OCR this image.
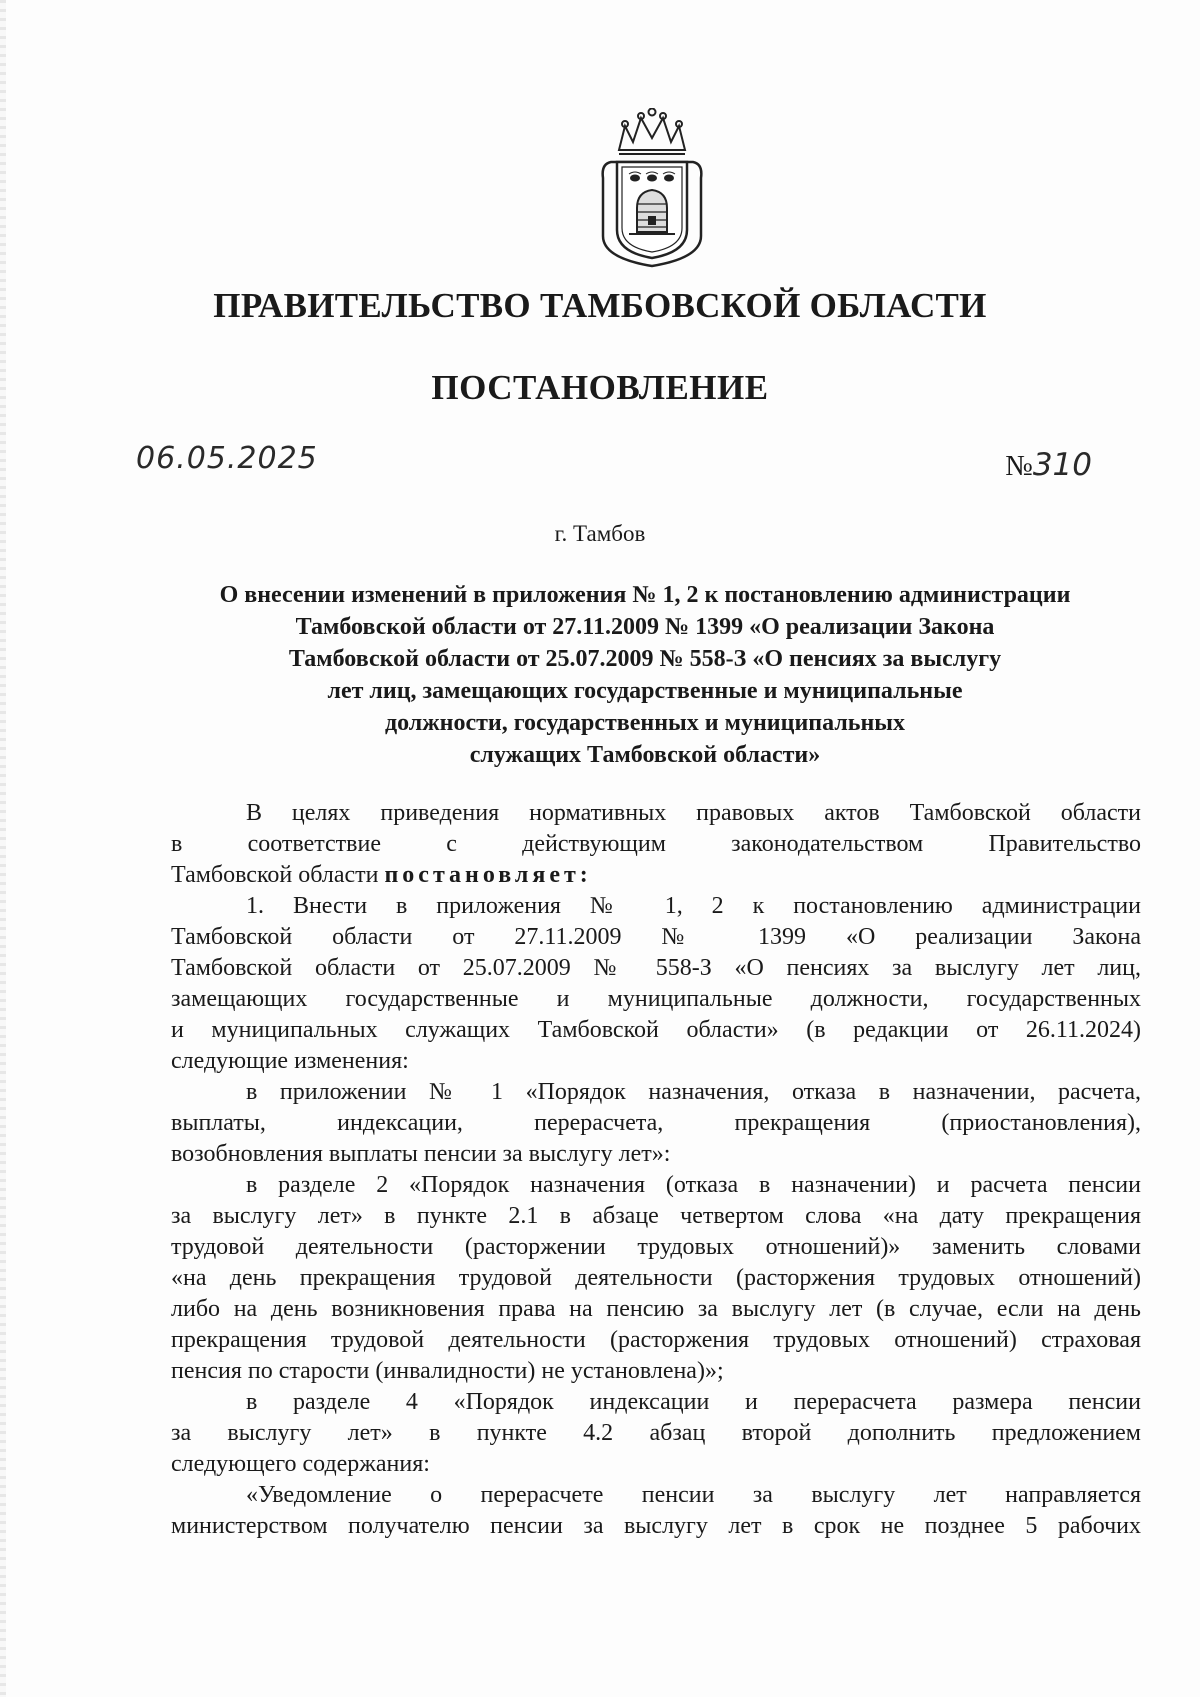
ПРАВИТЕЛЬСТВО ТАМБОВСКОЙ ОБЛАСТИ
ПОСТАНОВЛЕНИЕ
06.05.2025	№310
г. Тамбов
О внесении изменений в приложения № 1, 2 к постановлению администрации
Тамбовской области от 27.11.2009 № 1399 «О реализации Закона
Тамбовской области от 25.07.2009 № 558-З «О пенсиях за выслугу
лет лиц, замещающих государственные и муниципальные
должности, государственных и муниципальных
служащих Тамбовской области»
В целях приведения нормативных правовых актов Тамбовской области
в соответствие с действующим законодательством Правительство
Тамбовской области постановляет:
1. Внести в приложения № 1, 2 к постановлению администрации
Тамбовской области от 27.11.2009 № 1399 «О реализации Закона
Тамбовской области от 25.07.2009 № 558-З «О пенсиях за выслугу лет лиц,
замещающих государственные и муниципальные должности, государственных
и муниципальных служащих Тамбовской области» (в редакции от 26.11.2024)
следующие изменения:
в приложении № 1 «Порядок назначения, отказа в назначении, расчета,
выплаты, индексации, перерасчета, прекращения (приостановления),
возобновления выплаты пенсии за выслугу лет»:
в разделе 2 «Порядок назначения (отказа в назначении) и расчета пенсии
за выслугу лет» в пункте 2.1 в абзаце четвертом слова «на дату прекращения
трудовой деятельности (расторжении трудовых отношений)» заменить словами
«на день прекращения трудовой деятельности (расторжения трудовых отношений)
либо на день возникновения права на пенсию за выслугу лет (в случае, если на день
прекращения трудовой деятельности (расторжения трудовых отношений) страховая
пенсия по старости (инвалидности) не установлена)»;
в разделе 4 «Порядок индексации и перерасчета размера пенсии
за выслугу лет» в пункте 4.2 абзац второй дополнить предложением
следующего содержания:
«Уведомление о перерасчете пенсии за выслугу лет направляется
министерством получателю пенсии за выслугу лет в срок не позднее 5 рабочих
